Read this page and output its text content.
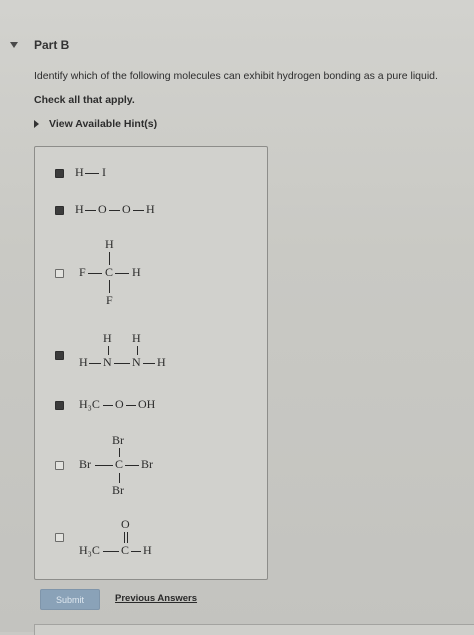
Part B
Identify which of the following molecules can exhibit hydrogen bonding as a pure liquid.
Check all that apply.
View Available Hint(s)
H I
H O O H
H
F C H
F
H H
H N N H
H₃C O OH
Br
Br C Br
Br
O
H₃C C H
Submit	Previous Answers
